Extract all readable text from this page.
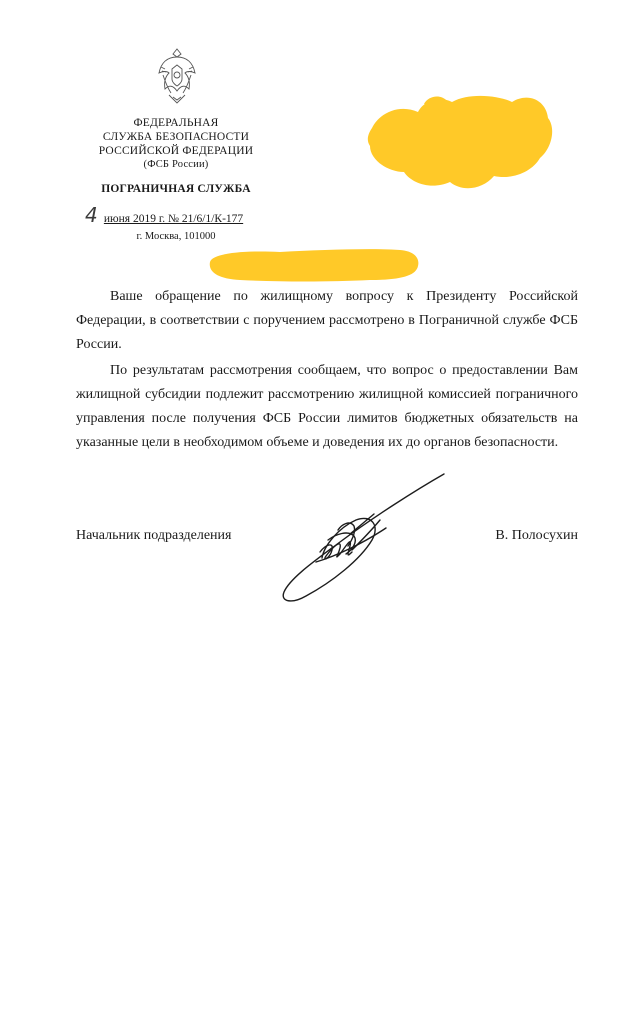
ФЕДЕРАЛЬНАЯ
СЛУЖБА БЕЗОПАСНОСТИ
РОССИЙСКОЙ ФЕДЕРАЦИИ
(ФСБ России)
ПОГРАНИЧНАЯ СЛУЖБА
4 июня 2019 г. № 21/6/1/К-177
г. Москва, 101000

Ваше обращение по жилищному вопросу к Президенту Российской Федерации, в соответствии с поручением рассмотрено в Пограничной службе ФСБ России.

По результатам рассмотрения сообщаем, что вопрос о предоставлении Вам жилищной субсидии подлежит рассмотрению жилищной комиссией пограничного управления после получения ФСБ России лимитов бюджетных обязательств на указанные цели в необходимом объеме и доведения их до органов безопасности.

Начальник подразделения	В. Полосухин
